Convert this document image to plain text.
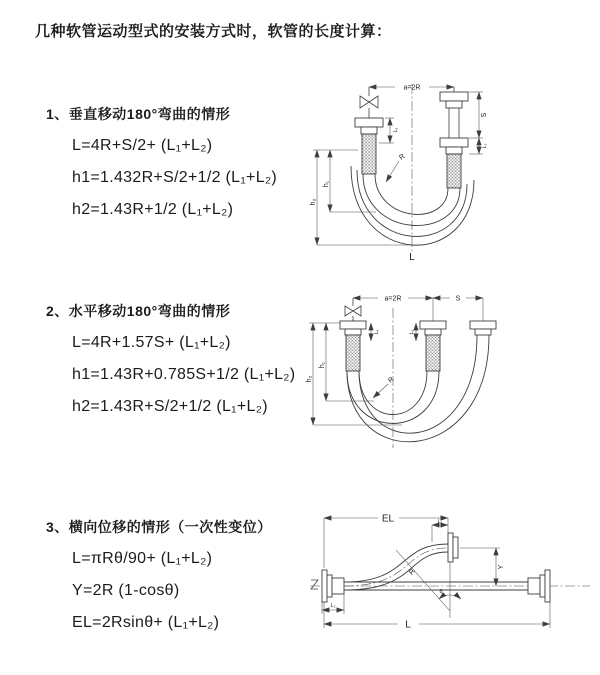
几种软管运动型式的安装方式时，软管的长度计算：
1、垂直移动180°弯曲的情形
L=4R+S/2+ (L₁+L₂)
h1=1.432R+S/2+1/2 (L₁+L₂)
h2=1.43R+1/2 (L₁+L₂)
2、水平移动180°弯曲的情形
L=4R+1.57S+ (L₁+L₂)
h1=1.43R+0.785S+1/2 (L₁+L₂)
h2=1.43R+S/2+1/2 (L₁+L₂)
3、横向位移的情形（一次性变位）
L=πRθ/90+ (L₁+L₂)
Y=2R (1-cosθ)
EL=2Rsinθ+ (L₁+L₂)
a=2R
h₁
h₂
L₁
S
L₂
R
L
a=2R	S
h₁
h₂
L₁	L₂
R
EL	L₁
Y
R
θ
L
L₂
